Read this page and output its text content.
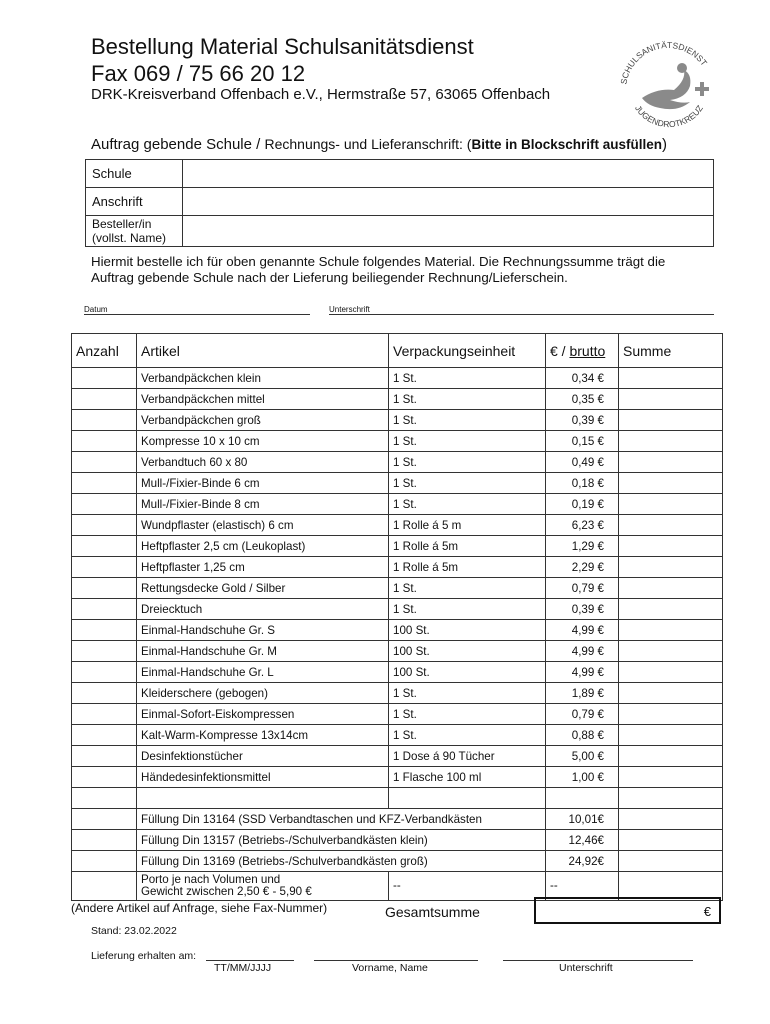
Bestellung Material Schulsanitätsdienst
Fax 069 / 75 66 20 12
DRK-Kreisverband Offenbach e.V., Hermstraße 57, 63065 Offenbach
SCHULSANITÄTSDIENST
JUGENDROTKREUZ
Auftrag gebende Schule / Rechnungs- und Lieferanschrift: (Bitte in Blockschrift ausfüllen)
Schule	
Anschrift	
Besteller/in
(vollst. Name)	
Hiermit bestelle ich für oben genannte Schule folgendes Material. Die Rechnungssumme trägt die Auftrag gebende Schule nach der Lieferung beiliegender Rechnung/Lieferschein.
Datum	Unterschrift
Anzahl	Artikel	Verpackungseinheit	€ / brutto	Summe
	Verbandpäckchen klein	1 St.	0,34 €	
	Verbandpäckchen mittel	1 St.	0,35 €	
	Verbandpäckchen groß	1 St.	0,39 €	
	Kompresse 10 x 10 cm	1 St.	0,15 €	
	Verbandtuch 60 x 80	1 St.	0,49 €	
	Mull-/Fixier-Binde 6 cm	1 St.	0,18 €	
	Mull-/Fixier-Binde 8 cm	1 St.	0,19 €	
	Wundpflaster (elastisch) 6 cm	1 Rolle á 5 m	6,23 €	
	Heftpflaster 2,5 cm (Leukoplast)	1 Rolle á 5m	1,29 €	
	Heftpflaster 1,25 cm	1 Rolle á 5m	2,29 €	
	Rettungsdecke Gold / Silber	1 St.	0,79 €	
	Dreiecktuch	1 St.	0,39 €	
	Einmal-Handschuhe Gr. S	100 St.	4,99 €	
	Einmal-Handschuhe Gr. M	100 St.	4,99 €	
	Einmal-Handschuhe Gr. L	100 St.	4,99 €	
	Kleiderschere (gebogen)	1 St.	1,89 €	
	Einmal-Sofort-Eiskompressen	1 St.	0,79 €	
	Kalt-Warm-Kompresse 13x14cm	1 St.	0,88 €	
	Desinfektionstücher	1 Dose á 90 Tücher	5,00 €	
	Händedesinfektionsmittel	1 Flasche 100 ml	1,00 €	

	Füllung Din 13164 (SSD Verbandtaschen und KFZ-Verbandkästen		10,01€	
	Füllung Din 13157 (Betriebs-/Schulverbandkästen klein)		12,46€	
	Füllung Din 13169 (Betriebs-/Schulverbandkästen groß)		24,92€	
	Porto je nach Volumen und
Gewicht zwischen 2,50 € - 5,90 €	--	--	
(Andere Artikel auf Anfrage, siehe Fax-Nummer)	Gesamtsumme	€
Stand: 23.02.2022
Lieferung erhalten am:
TT/MM/JJJJ	Vorname, Name	Unterschrift
